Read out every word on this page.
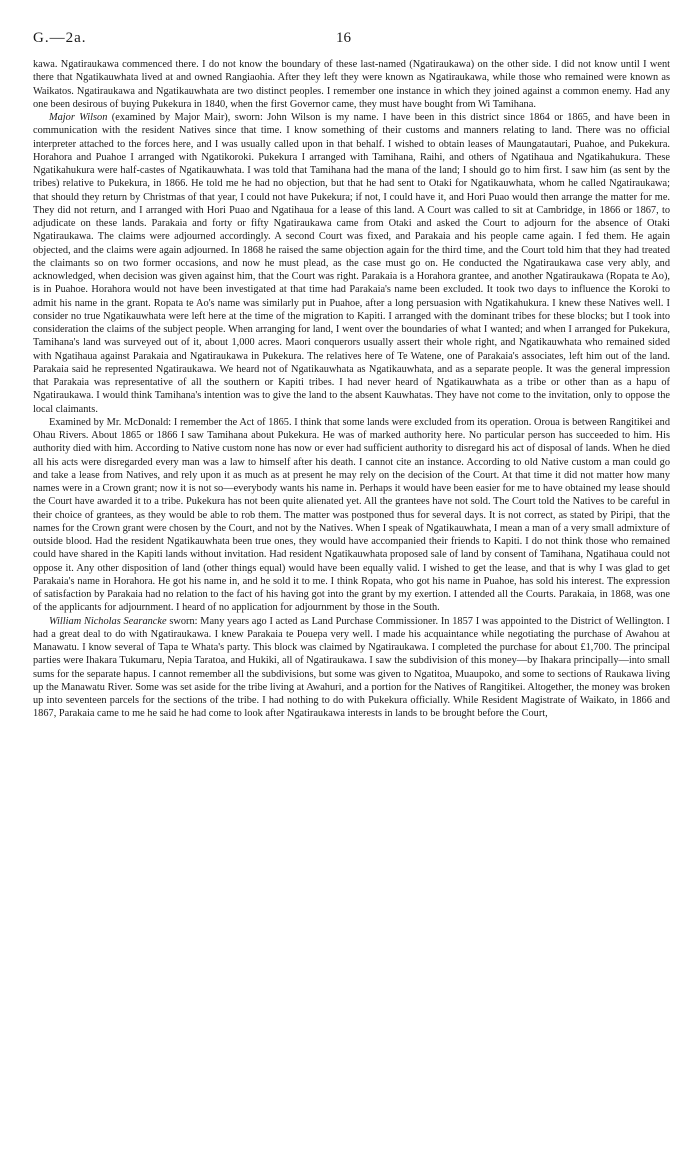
G.—2a.	16

kawa. Ngatiraukawa commenced there. I do not know the boundary of these last-named (Ngatiraukawa) on the other side. I did not know until I went there that Ngatikauwhata lived at and owned Rangiaohia. After they left they were known as Ngatiraukawa, while those who remained were known as Waikatos. Ngatiraukawa and Ngatikauwhata are two distinct peoples. I remember one instance in which they joined against a common enemy. Had any one been desirous of buying Pukekura in 1840, when the first Governor came, they must have bought from Wi Tamihana.

Major Wilson (examined by Major Mair), sworn: John Wilson is my name. I have been in this district since 1864 or 1865, and have been in communication with the resident Natives since that time. I know something of their customs and manners relating to land. There was no official interpreter attached to the forces here, and I was usually called upon in that behalf. I wished to obtain leases of Maungatautari, Puahoe, and Pukekura. Horahora and Puahoe I arranged with Ngatikoroki. Pukekura I arranged with Tamihana, Raihi, and others of Ngatihaua and Ngatikahukura. These Ngatikahukura were half-castes of Ngatikauwhata. I was told that Tamihana had the mana of the land; I should go to him first. I saw him (as sent by the tribes) relative to Pukekura, in 1866. He told me he had no objection, but that he had sent to Otaki for Ngatikauwhata, whom he called Ngatiraukawa; that should they return by Christmas of that year, I could not have Pukekura; if not, I could have it, and Hori Puao would then arrange the matter for me. They did not return, and I arranged with Hori Puao and Ngatihaua for a lease of this land. A Court was called to sit at Cambridge, in 1866 or 1867, to adjudicate on these lands. Parakaia and forty or fifty Ngatiraukawa came from Otaki and asked the Court to adjourn for the absence of Otaki Ngatiraukawa. The claims were adjourned accordingly. A second Court was fixed, and Parakaia and his people came again. I fed them. He again objected, and the claims were again adjourned. In 1868 he raised the same objection again for the third time, and the Court told him that they had treated the claimants so on two former occasions, and now he must plead, as the case must go on. He conducted the Ngatiraukawa case very ably, and acknowledged, when decision was given against him, that the Court was right. Parakaia is a Horahora grantee, and another Ngatiraukawa (Ropata te Ao), is in Puahoe. Horahora would not have been investigated at that time had Parakaia's name been excluded. It took two days to influence the Koroki to admit his name in the grant. Ropata te Ao's name was similarly put in Puahoe, after a long persuasion with Ngatikahukura. I knew these Natives well. I consider no true Ngatikauwhata were left here at the time of the migration to Kapiti. I arranged with the dominant tribes for these blocks; but I took into consideration the claims of the subject people. When arranging for land, I went over the boundaries of what I wanted; and when I arranged for Pukekura, Tamihana's land was surveyed out of it, about 1,000 acres. Maori conquerors usually assert their whole right, and Ngatikauwhata who remained sided with Ngatihaua against Parakaia and Ngatiraukawa in Pukekura. The relatives here of Te Watene, one of Parakaia's associates, left him out of the land. Parakaia said he represented Ngatiraukawa. We heard not of Ngatikauwhata as Ngatikauwhata, and as a separate people. It was the general impression that Parakaia was representative of all the southern or Kapiti tribes. I had never heard of Ngatikauwhata as a tribe or other than as a hapu of Ngatiraukawa. I would think Tamihana's intention was to give the land to the absent Kauwhatas. They have not come to the invitation, only to oppose the local claimants.

Examined by Mr. McDonald: I remember the Act of 1865. I think that some lands were excluded from its operation. Oroua is between Rangitikei and Ohau Rivers. About 1865 or 1866 I saw Tamihana about Pukekura. He was of marked authority here. No particular person has succeeded to him. His authority died with him. According to Native custom none has now or ever had sufficient authority to disregard his act of disposal of lands. When he died all his acts were disregarded every man was a law to himself after his death. I cannot cite an instance. According to old Native custom a man could go and take a lease from Natives, and rely upon it as much as at present he may rely on the decision of the Court. At that time it did not matter how many names were in a Crown grant; now it is not so—everybody wants his name in. Perhaps it would have been easier for me to have obtained my lease should the Court have awarded it to a tribe. Pukekura has not been quite alienated yet. All the grantees have not sold. The Court told the Natives to be careful in their choice of grantees, as they would be able to rob them. The matter was postponed thus for several days. It is not correct, as stated by Piripi, that the names for the Crown grant were chosen by the Court, and not by the Natives. When I speak of Ngatikauwhata, I mean a man of a very small admixture of outside blood. Had the resident Ngatikauwhata been true ones, they would have accompanied their friends to Kapiti. I do not think those who remained could have shared in the Kapiti lands without invitation. Had resident Ngatikauwhata proposed sale of land by consent of Tamihana, Ngatihaua could not oppose it. Any other disposition of land (other things equal) would have been equally valid. I wished to get the lease, and that is why I was glad to get Parakaia's name in Horahora. He got his name in, and he sold it to me. I think Ropata, who got his name in Puahoe, has sold his interest. The expression of satisfaction by Parakaia had no relation to the fact of his having got into the grant by my exertion. I attended all the Courts. Parakaia, in 1868, was one of the applicants for adjournment. I heard of no application for adjournment by those in the South.

William Nicholas Searancke sworn: Many years ago I acted as Land Purchase Commissioner. In 1857 I was appointed to the District of Wellington. I had a great deal to do with Ngatiraukawa. I knew Parakaia te Pouepa very well. I made his acquaintance while negotiating the purchase of Awahou at Manawatu. I know several of Tapa te Whata's party. This block was claimed by Ngatiraukawa. I completed the purchase for about £1,700. The principal parties were Ihakara Tukumaru, Nepia Taratoa, and Hukiki, all of Ngatiraukawa. I saw the subdivision of this money—by Ihakara principally—into small sums for the separate hapus. I cannot remember all the subdivisions, but some was given to Ngatitoa, Muaupoko, and some to sections of Raukawa living up the Manawatu River. Some was set aside for the tribe living at Awahuri, and a portion for the Natives of Rangitikei. Altogether, the money was broken up into seventeen parcels for the sections of the tribe. I had nothing to do with Pukekura officially. While Resident Magistrate of Waikato, in 1866 and 1867, Parakaia came to me he said he had come to look after Ngatiraukawa interests in lands to be brought before the Court,
